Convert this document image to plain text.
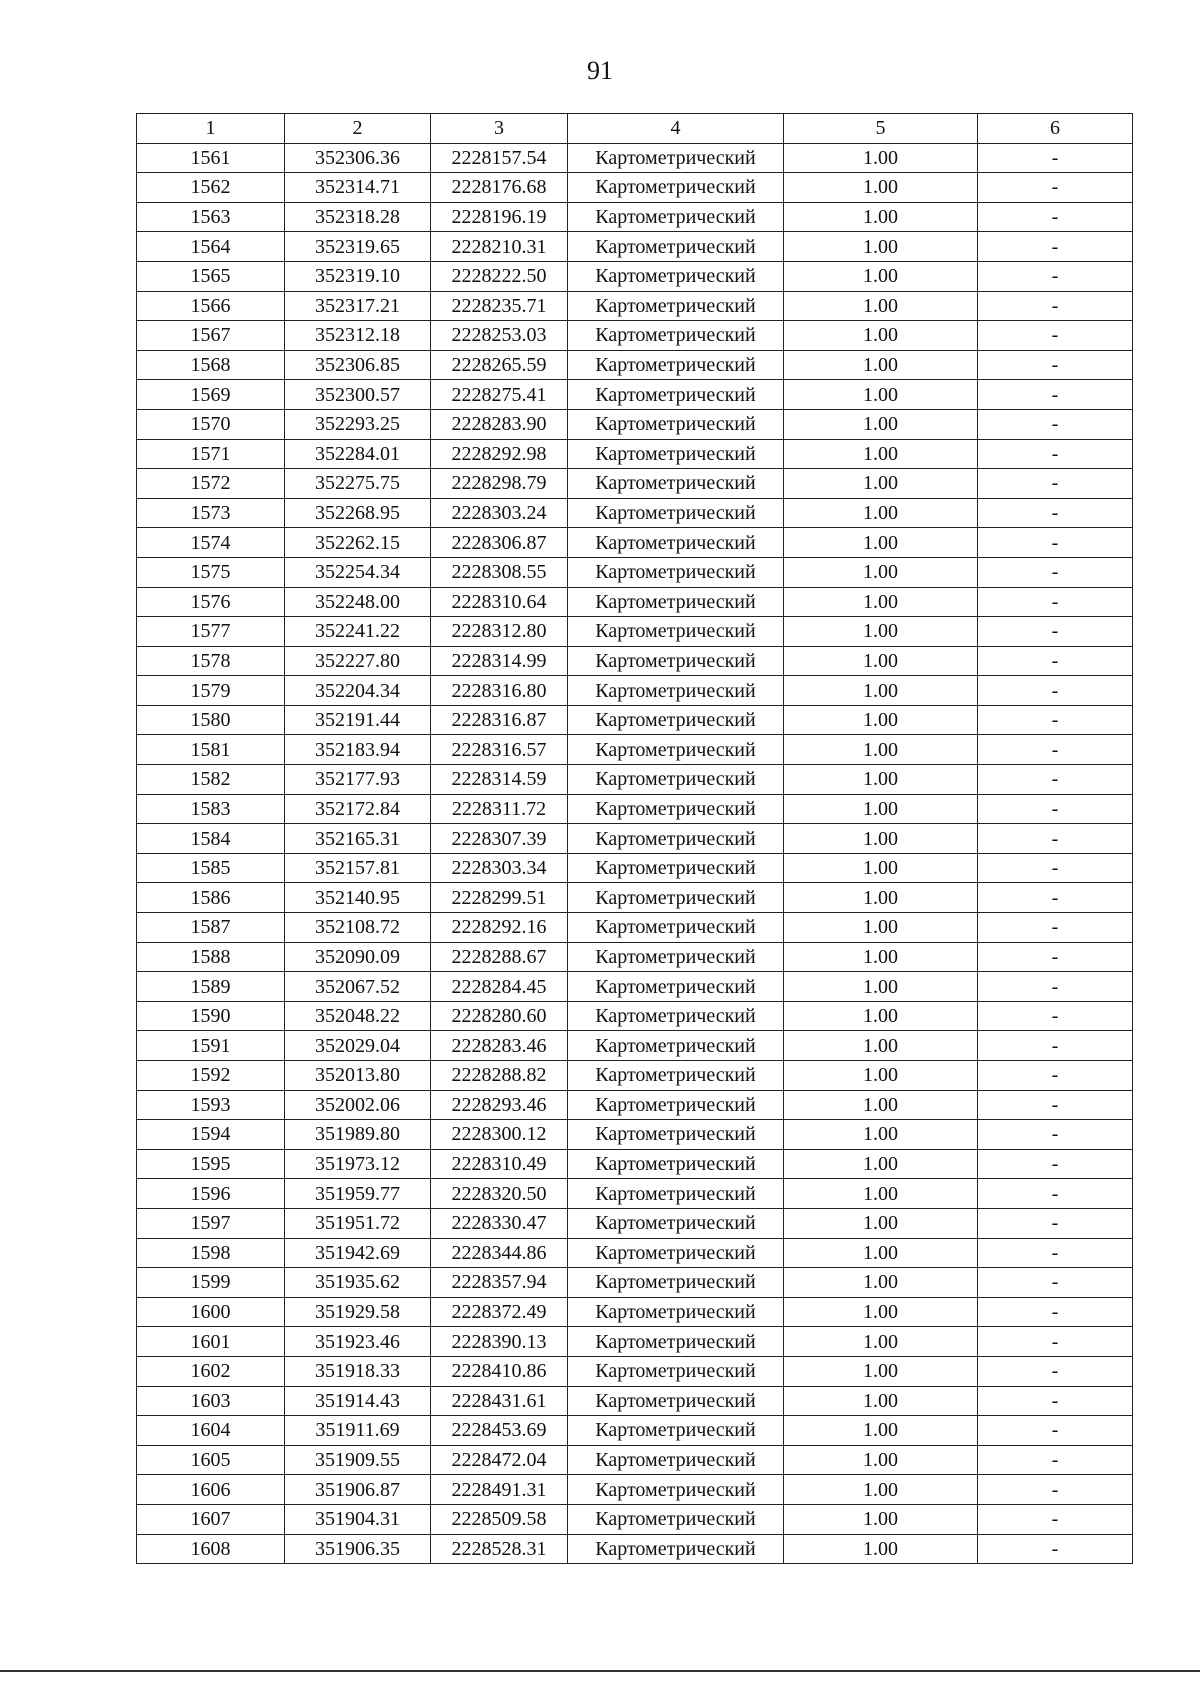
91
1	2	3	4	5	6
1561	352306.36	2228157.54	Картометрический	1.00	-
1562	352314.71	2228176.68	Картометрический	1.00	-
1563	352318.28	2228196.19	Картометрический	1.00	-
1564	352319.65	2228210.31	Картометрический	1.00	-
1565	352319.10	2228222.50	Картометрический	1.00	-
1566	352317.21	2228235.71	Картометрический	1.00	-
1567	352312.18	2228253.03	Картометрический	1.00	-
1568	352306.85	2228265.59	Картометрический	1.00	-
1569	352300.57	2228275.41	Картометрический	1.00	-
1570	352293.25	2228283.90	Картометрический	1.00	-
1571	352284.01	2228292.98	Картометрический	1.00	-
1572	352275.75	2228298.79	Картометрический	1.00	-
1573	352268.95	2228303.24	Картометрический	1.00	-
1574	352262.15	2228306.87	Картометрический	1.00	-
1575	352254.34	2228308.55	Картометрический	1.00	-
1576	352248.00	2228310.64	Картометрический	1.00	-
1577	352241.22	2228312.80	Картометрический	1.00	-
1578	352227.80	2228314.99	Картометрический	1.00	-
1579	352204.34	2228316.80	Картометрический	1.00	-
1580	352191.44	2228316.87	Картометрический	1.00	-
1581	352183.94	2228316.57	Картометрический	1.00	-
1582	352177.93	2228314.59	Картометрический	1.00	-
1583	352172.84	2228311.72	Картометрический	1.00	-
1584	352165.31	2228307.39	Картометрический	1.00	-
1585	352157.81	2228303.34	Картометрический	1.00	-
1586	352140.95	2228299.51	Картометрический	1.00	-
1587	352108.72	2228292.16	Картометрический	1.00	-
1588	352090.09	2228288.67	Картометрический	1.00	-
1589	352067.52	2228284.45	Картометрический	1.00	-
1590	352048.22	2228280.60	Картометрический	1.00	-
1591	352029.04	2228283.46	Картометрический	1.00	-
1592	352013.80	2228288.82	Картометрический	1.00	-
1593	352002.06	2228293.46	Картометрический	1.00	-
1594	351989.80	2228300.12	Картометрический	1.00	-
1595	351973.12	2228310.49	Картометрический	1.00	-
1596	351959.77	2228320.50	Картометрический	1.00	-
1597	351951.72	2228330.47	Картометрический	1.00	-
1598	351942.69	2228344.86	Картометрический	1.00	-
1599	351935.62	2228357.94	Картометрический	1.00	-
1600	351929.58	2228372.49	Картометрический	1.00	-
1601	351923.46	2228390.13	Картометрический	1.00	-
1602	351918.33	2228410.86	Картометрический	1.00	-
1603	351914.43	2228431.61	Картометрический	1.00	-
1604	351911.69	2228453.69	Картометрический	1.00	-
1605	351909.55	2228472.04	Картометрический	1.00	-
1606	351906.87	2228491.31	Картометрический	1.00	-
1607	351904.31	2228509.58	Картометрический	1.00	-
1608	351906.35	2228528.31	Картометрический	1.00	-
